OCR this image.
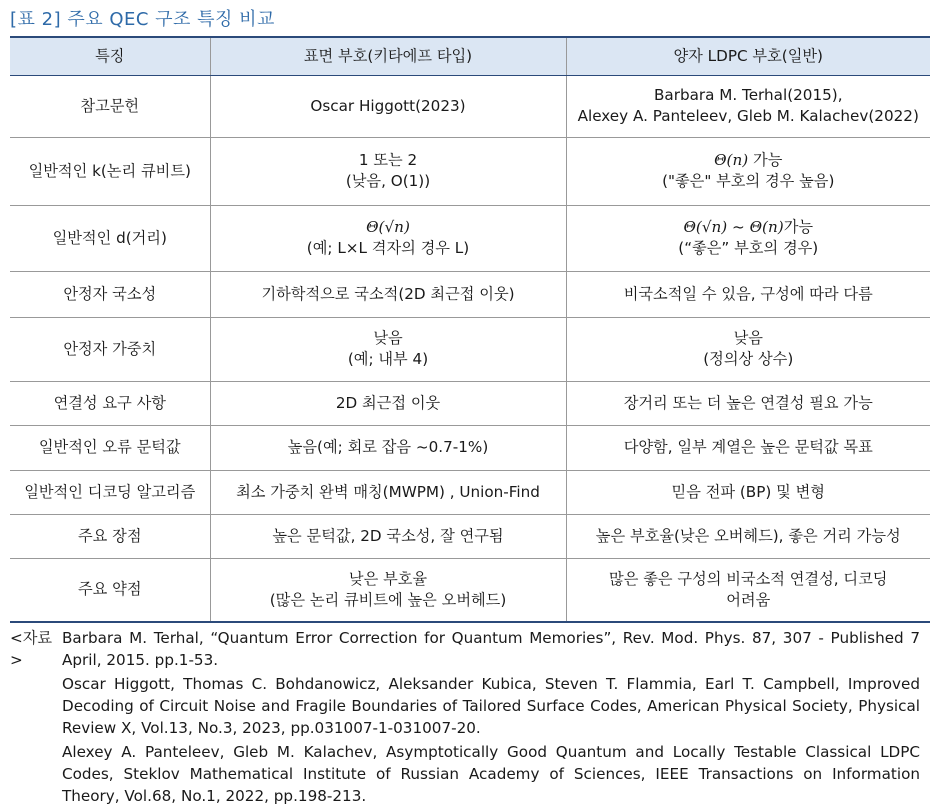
[표 2] 주요 QEC 구조 특징 비교
특징	표면 부호(키타에프 타입)	양자 LDPC 부호(일반)
참고문헌	Oscar Higgott(2023)	Barbara M. Terhal(2015),
Alexey A. Panteleev, Gleb M. Kalachev(2022)

일반적인 k(논리 큐비트)	1 또는 2
(낮음, O(1))	Θ(n) 가능
("좋은" 부호의 경우 높음)

일반적인 d(거리)	Θ(√n)
(예; L×L 격자의 경우 L)	Θ(√n) ~ Θ(n)가능
(“좋은” 부호의 경우)

안정자 국소성	기하학적으로 국소적(2D 최근접 이웃)	비국소적일 수 있음, 구성에 따라 다름

안정자 가중치	낮음
(예; 내부 4)	낮음
(정의상 상수)

연결성 요구 사항	2D 최근접 이웃	장거리 또는 더 높은 연결성 필요 가능

일반적인 오류 문턱값	높음(예; 회로 잡음 ~0.7-1%)	다양함, 일부 계열은 높은 문턱값 목표

일반적인 디코딩 알고리즘	최소 가중치 완벽 매칭(MWPM) , Union-Find	믿음 전파 (BP) 및 변형

주요 장점	높은 문턱값, 2D 국소성, 잘 연구됨	높은 부호율(낮은 오버헤드), 좋은 거리 가능성

주요 약점	낮은 부호율
(많은 논리 큐비트에 높은 오버헤드)	많은 좋은 구성의 비국소적 연결성, 디코딩
어려움
<자료>

Barbara M. Terhal, “Quantum Error Correction for Quantum Memories”, Rev. Mod. Phys. 87, 307 - Published 7 April, 2015. pp.1-53.

Oscar Higgott, Thomas C. Bohdanowicz, Aleksander Kubica, Steven T. Flammia, Earl T. Campbell, Improved Decoding of Circuit Noise and Fragile Boundaries of Tailored Surface Codes, American Physical Society, Physical Review X, Vol.13, No.3, 2023, pp.031007-1-031007-20.

Alexey A. Panteleev, Gleb M. Kalachev, Asymptotically Good Quantum and Locally Testable Classical LDPC Codes, Steklov Mathematical Institute of Russian Academy of Sciences, IEEE Transactions on Information Theory, Vol.68, No.1, 2022, pp.198-213.
